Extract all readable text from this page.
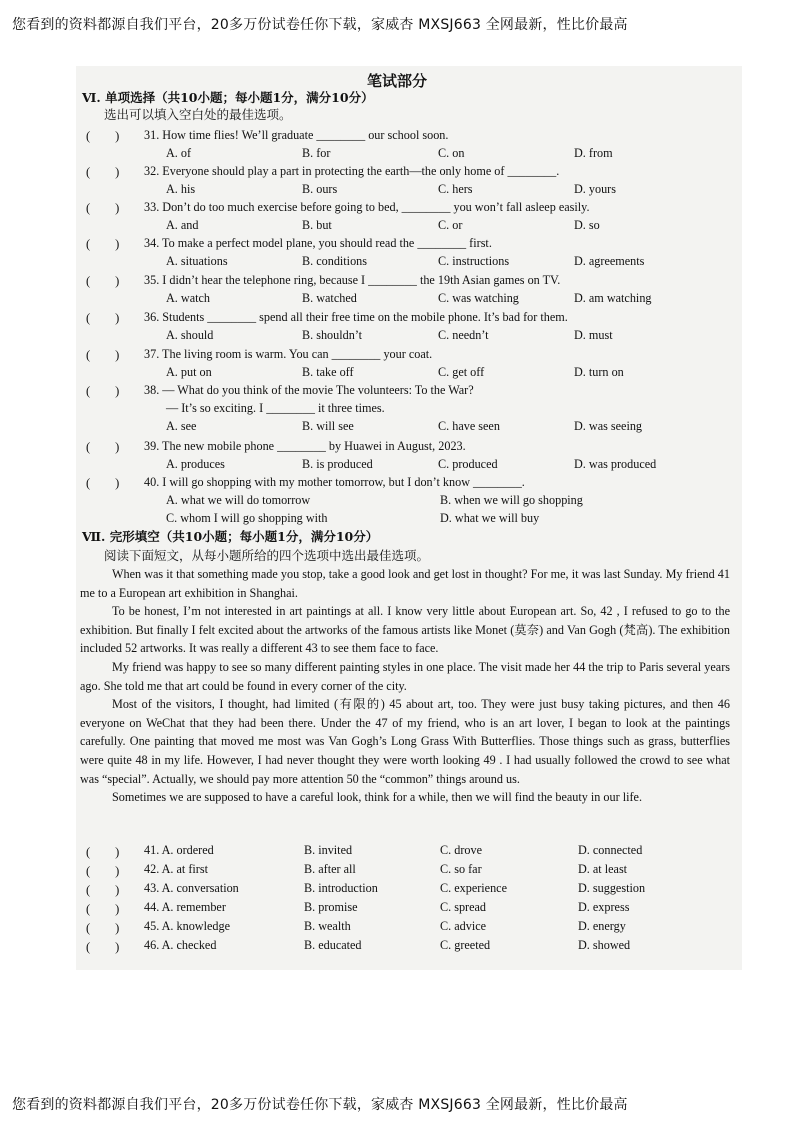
您看到的资料都源自我们平台，20多万份试卷任你下载，家威杏 MXSJ663 全网最新，性比价最高
笔试部分
Ⅵ. 单项选择（共10小题；每小题1分，满分10分）
选出可以填入空白处的最佳选项。
(　　) 31. How time flies! We’ll graduate ________ our school soon.
A. of	B. for	C. on	D. from
(　　) 32. Everyone should play a part in protecting the earth—the only home of ________.
A. his	B. ours	C. hers	D. yours
(　　) 33. Don’t do too much exercise before going to bed, ________ you won’t fall asleep easily.
A. and	B. but	C. or	D. so
(　　) 34. To make a perfect model plane, you should read the ________ first.
A. situations	B. conditions	C. instructions	D. agreements
(　　) 35. I didn’t hear the telephone ring, because I ________ the 19th Asian games on TV.
A. watch	B. watched	C. was watching	D. am watching
(　　) 36. Students ________ spend all their free time on the mobile phone. It’s bad for them.
A. should	B. shouldn’t	C. needn’t	D. must
(　　) 37. The living room is warm. You can ________ your coat.
A. put on	B. take off	C. get off	D. turn on
(　　) 38. — What do you think of the movie The volunteers: To the War?
— It’s so exciting. I ________ it three times.
A. see	B. will see	C. have seen	D. was seeing
(　　) 39. The new mobile phone ________ by Huawei in August, 2023.
A. produces	B. is produced	C. produced	D. was produced
(　　) 40. I will go shopping with my mother tomorrow, but I don’t know ________.
A. what we will do tomorrow	B. when we will go shopping
C. whom I will go shopping with	D. what we will buy
Ⅶ. 完形填空（共10小题；每小题1分，满分10分）
阅读下面短文，从每小题所给的四个选项中选出最佳选项。

When was it that something made you stop, take a good look and get lost in thought? For me, it was last Sunday. My friend 41 me to a European art exhibition in Shanghai.

To be honest, I’m not interested in art paintings at all. I know very little about European art. So, 42 , I refused to go to the exhibition. But finally I felt excited about the artworks of the famous artists like Monet (莫奈) and Van Gogh (梵高). The exhibition included 52 artworks. It was really a different 43 to see them face to face.

My friend was happy to see so many different painting styles in one place. The visit made her 44 the trip to Paris several years ago. She told me that art could be found in every corner of the city.

Most of the visitors, I thought, had limited (有限的) 45 about art, too. They were just busy taking pictures, and then 46 everyone on WeChat that they had been there. Under the 47 of my friend, who is an art lover, I began to look at the paintings carefully. One painting that moved me most was Van Gogh’s Long Grass With Butterflies. Those things such as grass, butterflies were quite 48 in my life. However, I had never thought they were worth looking 49 . I had usually followed the crowd to see what was “special”. Actually, we should pay more attention 50 the “common” things around us.

Sometimes we are supposed to have a careful look, think for a while, then we will find the beauty in our life.

(　　) 41. A. ordered	B. invited	C. drove	D. connected
(　　) 42. A. at first	B. after all	C. so far	D. at least
(　　) 43. A. conversation	B. introduction	C. experience	D. suggestion
(　　) 44. A. remember	B. promise	C. spread	D. express
(　　) 45. A. knowledge	B. wealth	C. advice	D. energy
(　　) 46. A. checked	B. educated	C. greeted	D. showed
您看到的资料都源自我们平台，20多万份试卷任你下载，家威杏 MXSJ663 全网最新，性比价最高
